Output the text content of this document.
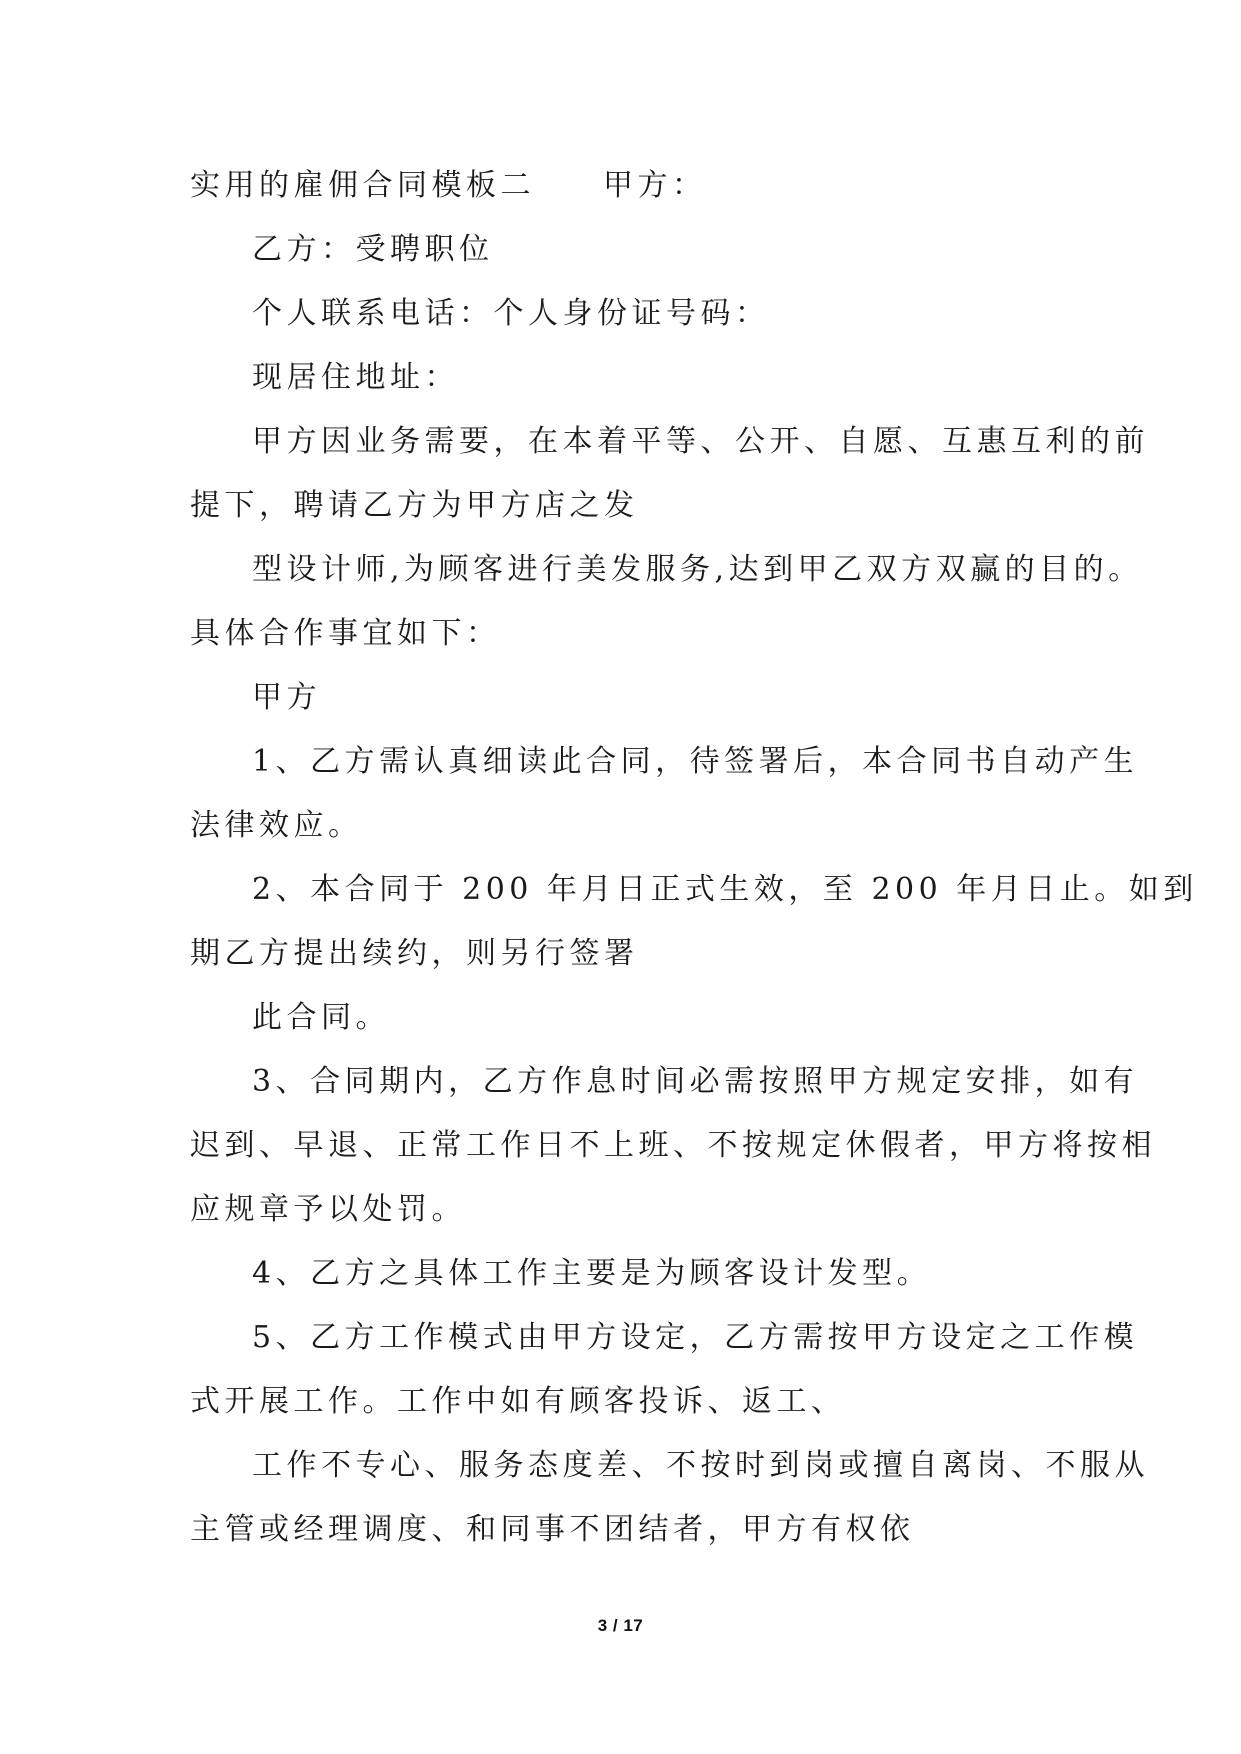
实用的雇佣合同模板二 甲方：
乙方：受聘职位
个人联系电话：个人身份证号码：
现居住地址：
甲方因业务需要，在本着平等、公开、自愿、互惠互利的前
提下，聘请乙方为甲方店之发
型设计师,为顾客进行美发服务,达到甲乙双方双赢的目的。
具体合作事宜如下：
甲方
1、乙方需认真细读此合同，待签署后，本合同书自动产生
法律效应。
2、本合同于 200 年月日正式生效，至 200 年月日止。如到
期乙方提出续约，则另行签署
此合同。
3、合同期内，乙方作息时间必需按照甲方规定安排，如有
迟到、早退、正常工作日不上班、不按规定休假者，甲方将按相
应规章予以处罚。
4、乙方之具体工作主要是为顾客设计发型。
5、乙方工作模式由甲方设定，乙方需按甲方设定之工作模
式开展工作。工作中如有顾客投诉、返工、
工作不专心、服务态度差、不按时到岗或擅自离岗、不服从
主管或经理调度、和同事不团结者，甲方有权依
3 / 17
